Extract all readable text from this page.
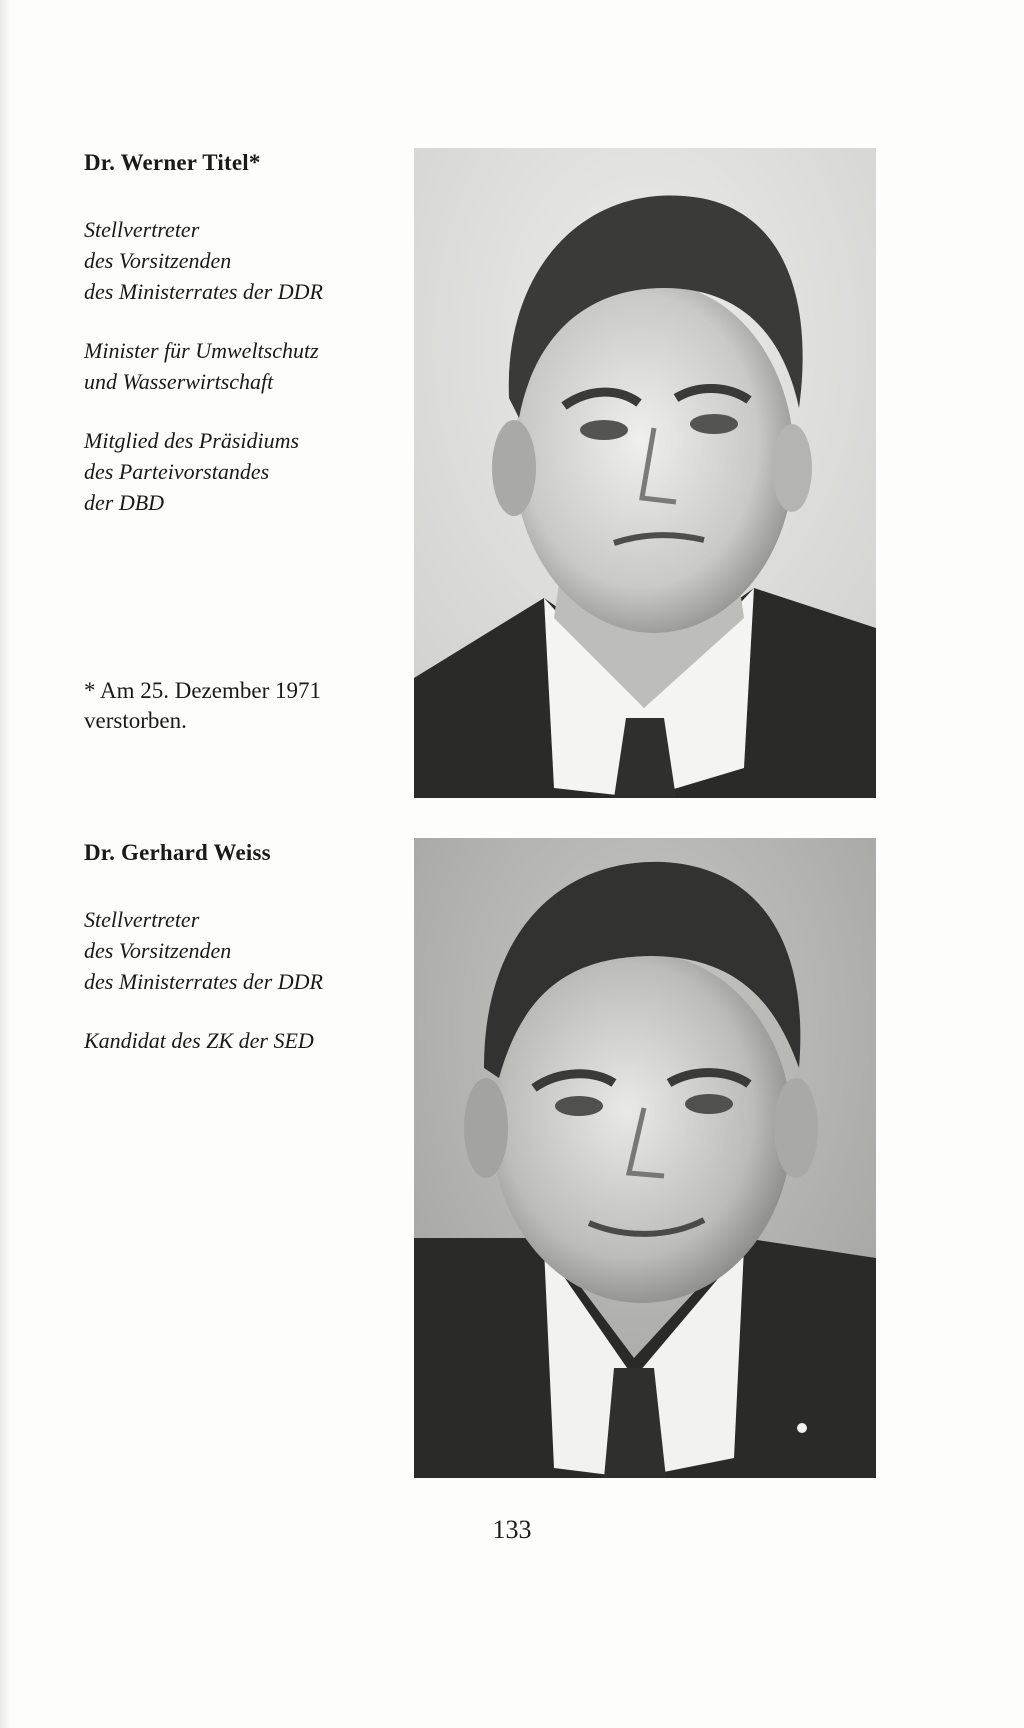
Dr. Werner Titel*
Stellvertreter
des Vorsitzenden
des Ministerrates der DDR
Minister für Umweltschutz
und Wasserwirtschaft
Mitglied des Präsidiums
des Parteivorstandes
der DBD
* Am 25. Dezember 1971
verstorben.
Dr. Gerhard Weiss
Stellvertreter
des Vorsitzenden
des Ministerrates der DDR
Kandidat des ZK der SED
133
